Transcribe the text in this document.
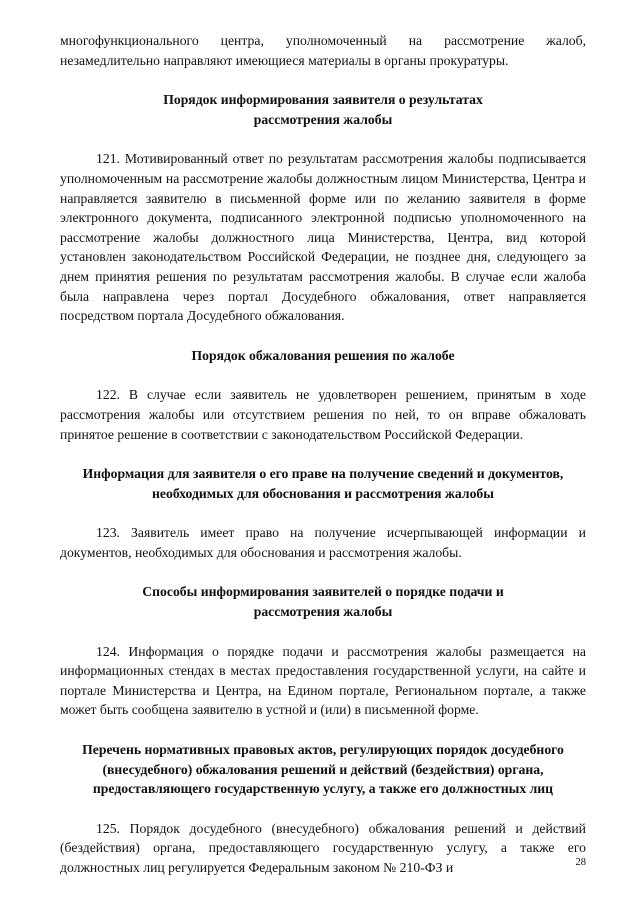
многофункционального центра, уполномоченный на рассмотрение жалоб, незамедлительно направляют имеющиеся материалы в органы прокуратуры.

Порядок информирования заявителя о результатах рассмотрения жалобы

121. Мотивированный ответ по результатам рассмотрения жалобы подписывается уполномоченным на рассмотрение жалобы должностным лицом Министерства, Центра и направляется заявителю в письменной форме или по желанию заявителя в форме электронного документа, подписанного электронной подписью уполномоченного на рассмотрение жалобы должностного лица Министерства, Центра, вид которой установлен законодательством Российской Федерации, не позднее дня, следующего за днем принятия решения по результатам рассмотрения жалобы. В случае если жалоба была направлена через портал Досудебного обжалования, ответ направляется посредством портала Досудебного обжалования.

Порядок обжалования решения по жалобе

122. В случае если заявитель не удовлетворен решением, принятым в ходе рассмотрения жалобы или отсутствием решения по ней, то он вправе обжаловать принятое решение в соответствии с законодательством Российской Федерации.

Информация для заявителя о его праве на получение сведений и документов, необходимых для обоснования и рассмотрения жалобы

123. Заявитель имеет право на получение исчерпывающей информации и документов, необходимых для обоснования и рассмотрения жалобы.

Способы информирования заявителей о порядке подачи и рассмотрения жалобы

124. Информация о порядке подачи и рассмотрения жалобы размещается на информационных стендах в местах предоставления государственной услуги, на сайте и портале Министерства и Центра, на Едином портале, Региональном портале, а также может быть сообщена заявителю в устной и (или) в письменной форме.

Перечень нормативных правовых актов, регулирующих порядок досудебного (внесудебного) обжалования решений и действий (бездействия) органа, предоставляющего государственную услугу, а также его должностных лиц

125. Порядок досудебного (внесудебного) обжалования решений и действий (бездействия) органа, предоставляющего государственную услугу, а также его должностных лиц регулируется Федеральным законом № 210-ФЗ и	28
